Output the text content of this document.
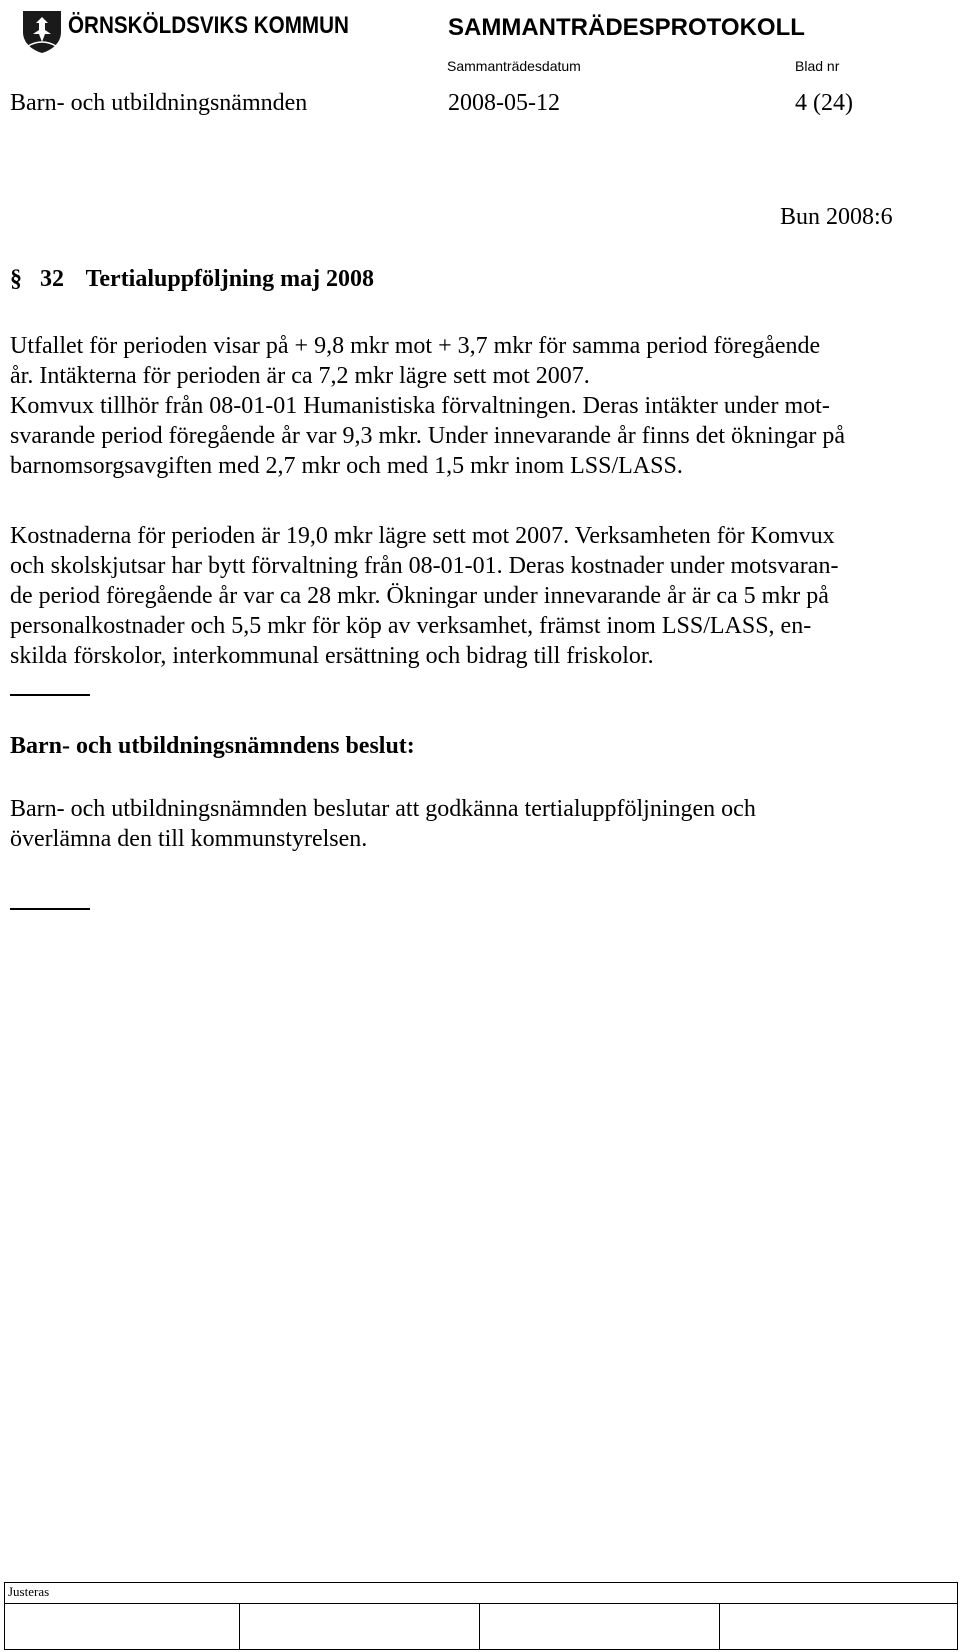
ÖRNSKÖLDSVIKS KOMMUN	SAMMANTRÄDESPROTOKOLL
Sammanträdesdatum	Blad nr
Barn- och utbildningsnämnden	2008-05-12	4 (24)
Bun 2008:6
§ 32 Tertialuppföljning maj 2008
Utfallet för perioden visar på + 9,8 mkr mot + 3,7 mkr för samma period föregående
år. Intäkterna för perioden är ca 7,2 mkr lägre sett mot 2007.
Komvux tillhör från 08-01-01 Humanistiska förvaltningen. Deras intäkter under mot-
svarande period föregående år var 9,3 mkr. Under innevarande år finns det ökningar på
barnomsorgsavgiften med 2,7 mkr och med 1,5 mkr inom LSS/LASS.
Kostnaderna för perioden är 19,0 mkr lägre sett mot 2007. Verksamheten för Komvux
och skolskjutsar har bytt förvaltning från 08-01-01. Deras kostnader under motsvaran-
de period föregående år var ca 28 mkr. Ökningar under innevarande år är ca 5 mkr på
personalkostnader och 5,5 mkr för köp av verksamhet, främst inom LSS/LASS, en-
skilda förskolor, interkommunal ersättning och bidrag till friskolor.
Barn- och utbildningsnämndens beslut:
Barn- och utbildningsnämnden beslutar att godkänna tertialuppföljningen och
överlämna den till kommunstyrelsen.
Justeras
